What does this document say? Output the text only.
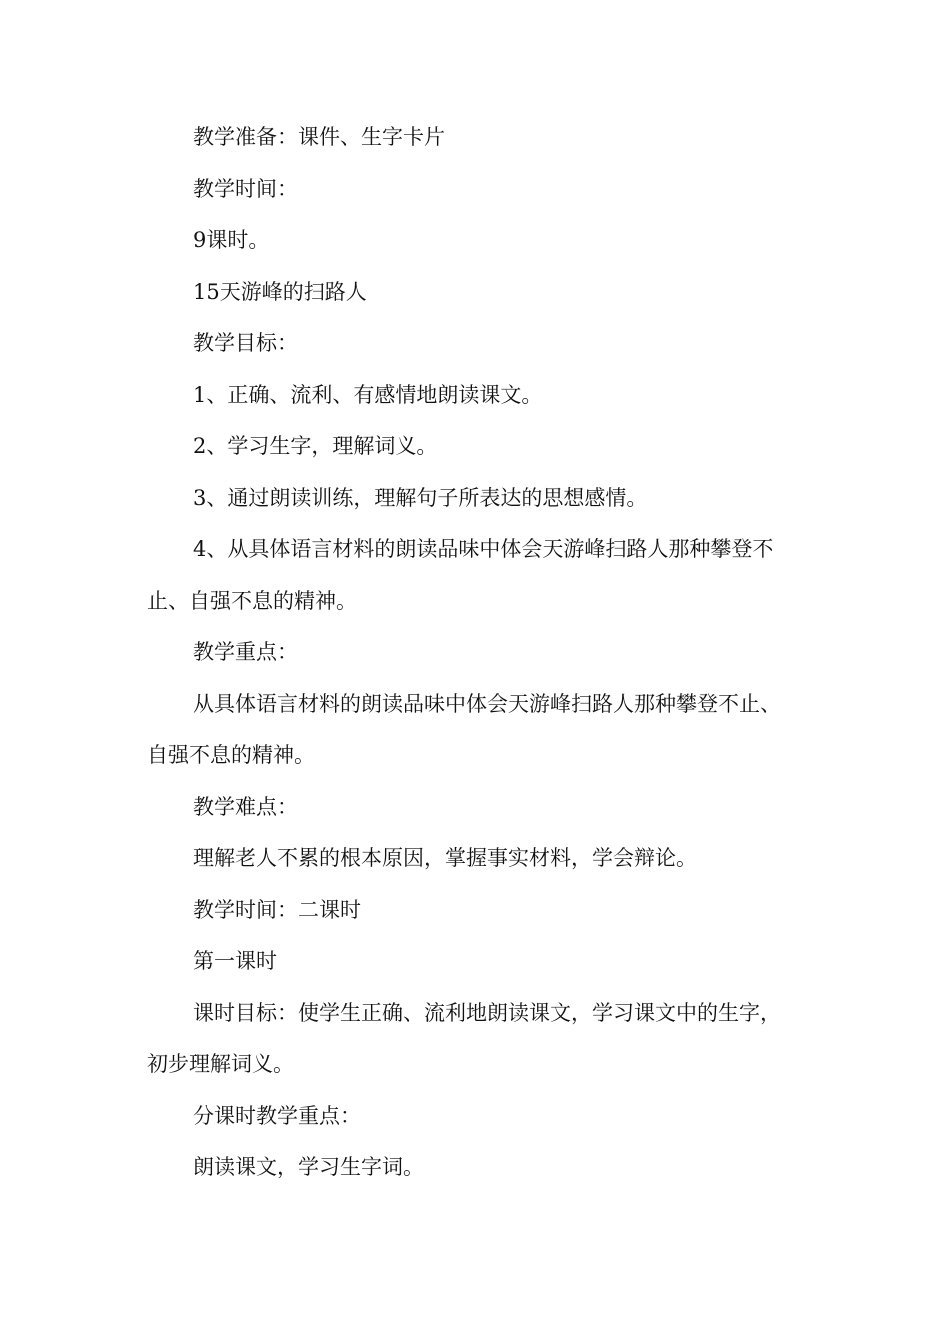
教学准备：课件、生字卡片

教学时间：

9课时。

15天游峰的扫路人

教学目标：

1、正确、流利、有感情地朗读课文。

2、学习生字，理解词义。

3、通过朗读训练，理解句子所表达的思想感情。

4、从具体语言材料的朗读品味中体会天游峰扫路人那种攀登不止、自强不息的精神。

教学重点：

从具体语言材料的朗读品味中体会天游峰扫路人那种攀登不止、自强不息的精神。

教学难点：

理解老人不累的根本原因，掌握事实材料，学会辩论。

教学时间：二课时

第一课时

课时目标：使学生正确、流利地朗读课文，学习课文中的生字，初步理解词义。

分课时教学重点：

朗读课文，学习生字词。
